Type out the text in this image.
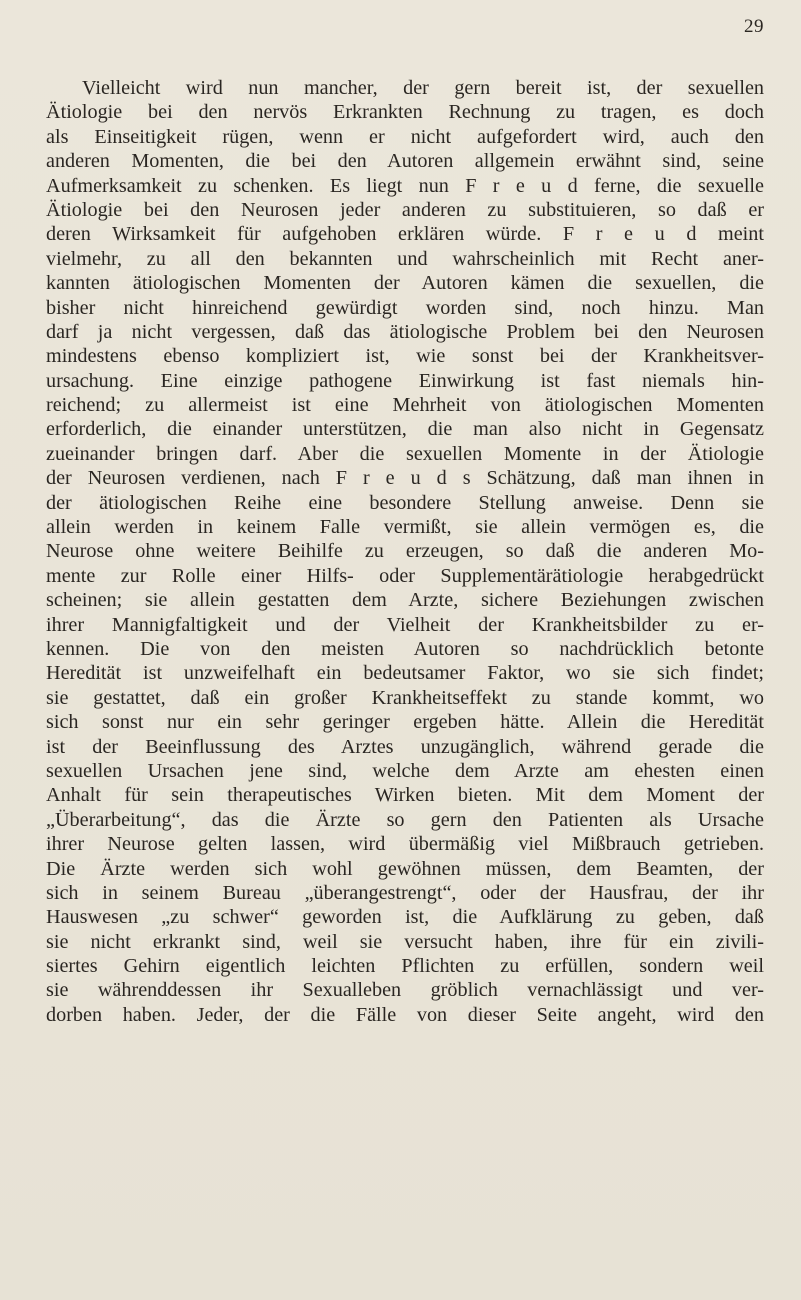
29
Vielleicht wird nun mancher, der gern bereit ist, der sexuellen
Ätiologie bei den nervös Erkrankten Rechnung zu tragen, es doch
als Einseitigkeit rügen, wenn er nicht aufgefordert wird, auch den
anderen Momenten, die bei den Autoren allgemein erwähnt sind, seine
Aufmerksamkeit zu schenken. Es liegt nun F r e u d ferne, die sexuelle
Ätiologie bei den Neurosen jeder anderen zu substituieren, so daß er
deren Wirksamkeit für aufgehoben erklären würde. F r e u d meint
vielmehr, zu all den bekannten und wahrscheinlich mit Recht aner-
kannten ätiologischen Momenten der Autoren kämen die sexuellen, die
bisher nicht hinreichend gewürdigt worden sind, noch hinzu. Man
darf ja nicht vergessen, daß das ätiologische Problem bei den Neurosen
mindestens ebenso kompliziert ist, wie sonst bei der Krankheitsver-
ursachung. Eine einzige pathogene Einwirkung ist fast niemals hin-
reichend; zu allermeist ist eine Mehrheit von ätiologischen Momenten
erforderlich, die einander unterstützen, die man also nicht in Gegensatz
zueinander bringen darf. Aber die sexuellen Momente in der Ätiologie
der Neurosen verdienen, nach F r e u d s Schätzung, daß man ihnen in
der ätiologischen Reihe eine besondere Stellung anweise. Denn sie
allein werden in keinem Falle vermißt, sie allein vermögen es, die
Neurose ohne weitere Beihilfe zu erzeugen, so daß die anderen Mo-
mente zur Rolle einer Hilfs- oder Supplementärätiologie herabgedrückt
scheinen; sie allein gestatten dem Arzte, sichere Beziehungen zwischen
ihrer Mannigfaltigkeit und der Vielheit der Krankheitsbilder zu er-
kennen. Die von den meisten Autoren so nachdrücklich betonte
Heredität ist unzweifelhaft ein bedeutsamer Faktor, wo sie sich findet;
sie gestattet, daß ein großer Krankheitseffekt zu stande kommt, wo
sich sonst nur ein sehr geringer ergeben hätte. Allein die Heredität
ist der Beeinflussung des Arztes unzugänglich, während gerade die
sexuellen Ursachen jene sind, welche dem Arzte am ehesten einen
Anhalt für sein therapeutisches Wirken bieten. Mit dem Moment der
„Überarbeitung“, das die Ärzte so gern den Patienten als Ursache
ihrer Neurose gelten lassen, wird übermäßig viel Mißbrauch getrieben.
Die Ärzte werden sich wohl gewöhnen müssen, dem Beamten, der
sich in seinem Bureau „überangestrengt“, oder der Hausfrau, der ihr
Hauswesen „zu schwer“ geworden ist, die Aufklärung zu geben, daß
sie nicht erkrankt sind, weil sie versucht haben, ihre für ein zivili-
siertes Gehirn eigentlich leichten Pflichten zu erfüllen, sondern weil
sie währenddessen ihr Sexualleben gröblich vernachlässigt und ver-
dorben haben. Jeder, der die Fälle von dieser Seite angeht, wird den
